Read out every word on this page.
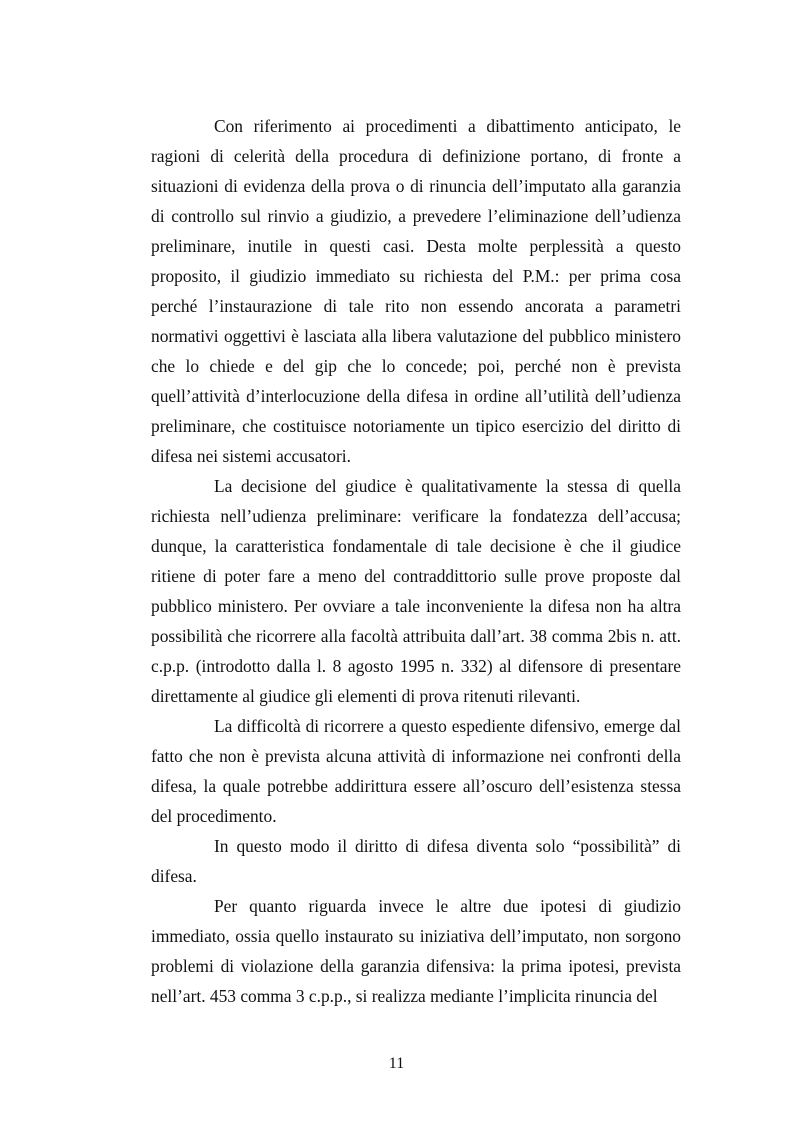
Con riferimento ai procedimenti a dibattimento anticipato, le ragioni di celerità della procedura di definizione portano, di fronte a situazioni di evidenza della prova o di rinuncia dell’imputato alla garanzia di controllo sul rinvio a giudizio, a prevedere l’eliminazione dell’udienza preliminare, inutile in questi casi. Desta molte perplessità a questo proposito, il giudizio immediato su richiesta del P.M.: per prima cosa perché l’instaurazione di tale rito non essendo ancorata a parametri normativi oggettivi è lasciata alla libera valutazione del pubblico ministero che lo chiede e del gip che lo concede; poi, perché non è prevista quell’attività d’interlocuzione della difesa in ordine all’utilità dell’udienza preliminare, che costituisce notoriamente un tipico esercizio del diritto di difesa nei sistemi accusatori.

La decisione del giudice è qualitativamente la stessa di quella richiesta nell’udienza preliminare: verificare la fondatezza dell’accusa; dunque, la caratteristica fondamentale di tale decisione è che il giudice ritiene di poter fare a meno del contraddittorio sulle prove proposte dal pubblico ministero. Per ovviare a tale inconveniente la difesa non ha altra possibilità che ricorrere alla facoltà attribuita dall’art. 38 comma 2bis n. att. c.p.p. (introdotto dalla l. 8 agosto 1995 n. 332) al difensore di presentare direttamente al giudice gli elementi di prova ritenuti rilevanti.

La difficoltà di ricorrere a questo espediente difensivo, emerge dal fatto che non è prevista alcuna attività di informazione nei confronti della difesa, la quale potrebbe addirittura essere all’oscuro dell’esistenza stessa del procedimento.

In questo modo il diritto di difesa diventa solo “possibilità” di difesa.

Per quanto riguarda invece le altre due ipotesi di giudizio immediato, ossia quello instaurato su iniziativa dell’imputato, non sorgono problemi di violazione della garanzia difensiva: la prima ipotesi, prevista nell’art. 453 comma 3 c.p.p., si realizza mediante l’implicita rinuncia del

11
